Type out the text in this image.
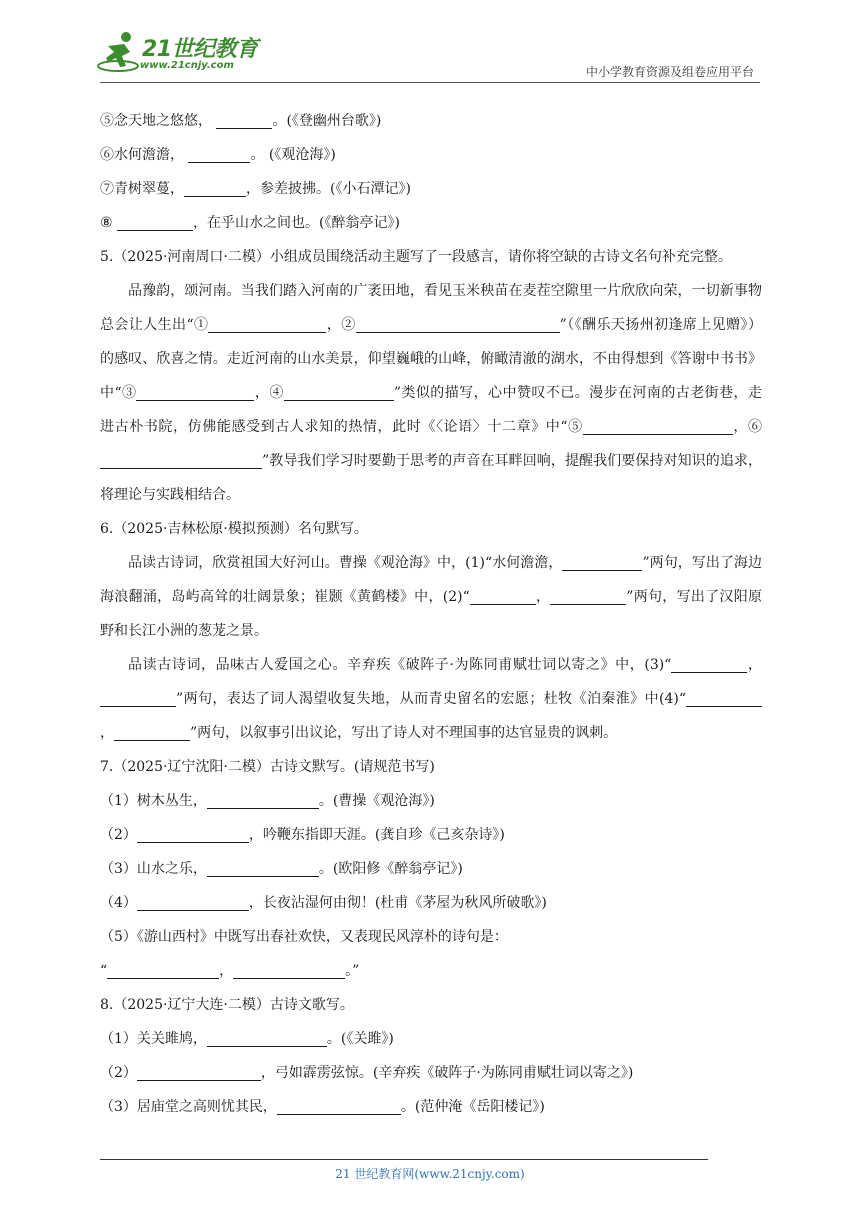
21世纪教育
www.21cnjy.com	中小学教育资源及组卷应用平台
⑤念天地之悠悠，	。(《登幽州台歌》)
⑥水何澹澹，	。 (《观沧海》)
⑦青树翠蔓，	，参差披拂。(《小石潭记》)
⑧	，在乎山水之间也。(《醉翁亭记》)
5.（2025·河南周口·二模）小组成员围绕活动主题写了一段感言，请你将空缺的古诗文名句补充完整。
品豫韵，颂河南。当我们踏入河南的广袤田地，看见玉米秧苗在麦茬空隙里一片欣欣向荣，一切新事物总会让人生出“①	，②	”（《酬乐天扬州初逢席上见赠》）的感叹、欣喜之情。走近河南的山水美景，仰望巍峨的山峰，俯瞰清澈的湖水，不由得想到《答谢中书书》中“③	，④	”类似的描写，心中赞叹不已。漫步在河南的古老街巷，走进古朴书院，仿佛能感受到古人求知的热情，此时《〈论语〉十二章》中“⑤	，⑥”教导我们学习时要勤于思考的声音在耳畔回响，提醒我们要保持对知识的追求，将理论与实践相结合。
6.（2025·吉林松原·模拟预测）名句默写。
品读古诗词，欣赏祖国大好河山。曹操《观沧海》中，(1)“水何澹澹，	”两句，写出了海边海浪翻涌，岛屿高耸的壮阔景象；崔颢《黄鹤楼》中，(2)“	，	”两句，写出了汉阳原野和长江小洲的葱茏之景。
品读古诗词，品味古人爱国之心。辛弃疾《破阵子·为陈同甫赋壮词以寄之》中，(3)“	，”两句，表达了词人渴望收复失地，从而青史留名的宏愿；杜牧《泊秦淮》中(4)“，	”两句，以叙事引出议论，写出了诗人对不理国事的达官显贵的讽刺。
7.（2025·辽宁沈阳·二模）古诗文默写。(请规范书写)
（1）树木丛生，	。(曹操《观沧海》)
（2）	，吟鞭东指即天涯。(龚自珍《己亥杂诗》)
（3）山水之乐，	。(欧阳修《醉翁亭记》)
（4）	，长夜沾湿何由彻！(杜甫《茅屋为秋风所破歌》)
（5）《游山西村》中既写出春社欢快，又表现民风淳朴的诗句是：
“	，	。”
8.（2025·辽宁大连·二模）古诗文歌写。
（1）关关雎鸠，	。(《关雎》)
（2）	，弓如霹雳弦惊。(辛弃疾《破阵子·为陈同甫赋壮词以寄之》)
（3）居庙堂之高则忧其民，	。(范仲淹《岳阳楼记》)
21 世纪教育网(www.21cnjy.com)
